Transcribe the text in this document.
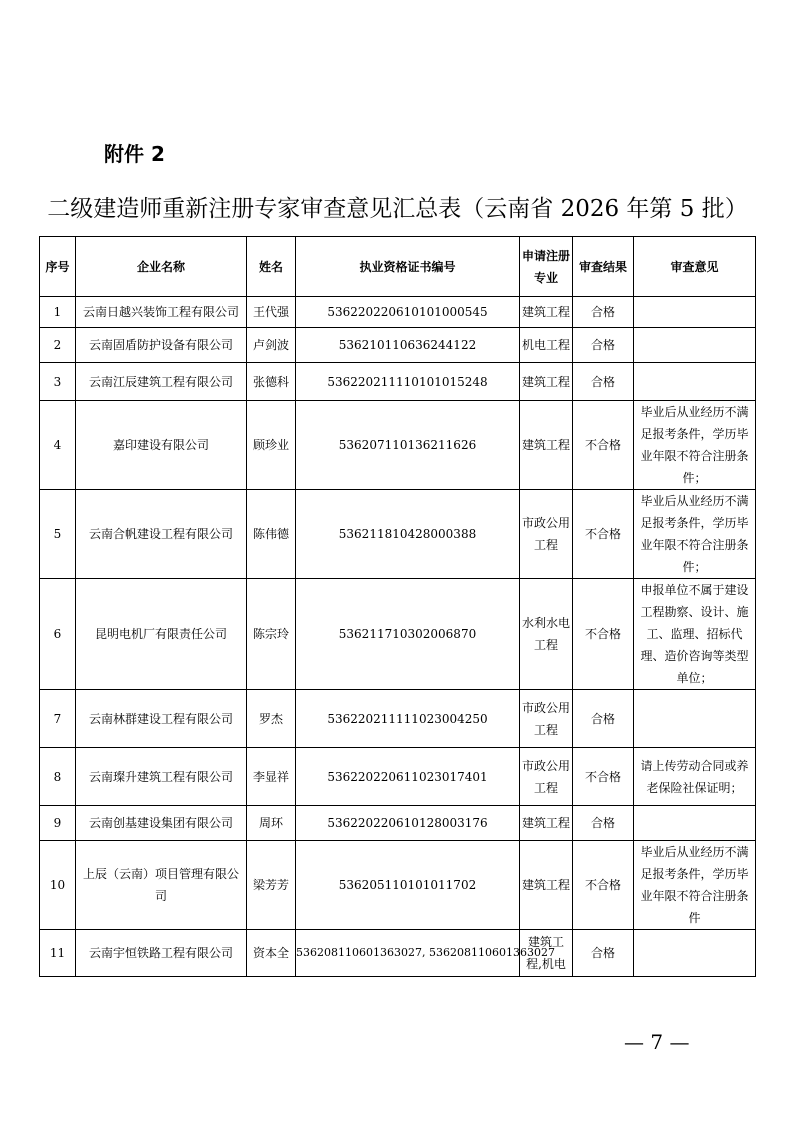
附件 2
二级建造师重新注册专家审查意见汇总表（云南省 2026 年第 5 批）
序号	企业名称	姓名	执业资格证书编号	申请注册专业	审查结果	审查意见
1	云南日越兴装饰工程有限公司	王代强	536220220610101000545	建筑工程	合格	
2	云南固盾防护设备有限公司	卢剑波	536210110636244122	机电工程	合格	
3	云南江辰建筑工程有限公司	张德科	536220211110101015248	建筑工程	合格	
4	嘉印建设有限公司	顾珍业	536207110136211626	建筑工程	不合格	毕业后从业经历不满足报考条件，学历毕业年限不符合注册条件；
5	云南合帆建设工程有限公司	陈伟德	536211810428000388	市政公用工程	不合格	毕业后从业经历不满足报考条件，学历毕业年限不符合注册条件；
6	昆明电机厂有限责任公司	陈宗玲	536211710302006870	水利水电工程	不合格	申报单位不属于建设工程勘察、设计、施工、监理、招标代理、造价咨询等类型单位；
7	云南林群建设工程有限公司	罗杰	536220211111023004250	市政公用工程	合格	
8	云南璨升建筑工程有限公司	李显祥	536220220611023017401	市政公用工程	不合格	请上传劳动合同或养老保险社保证明；
9	云南创基建设集团有限公司	周环	536220220610128003176	建筑工程	合格	
10	上辰（云南）项目管理有限公司	梁芳芳	536205110101011702	建筑工程	不合格	毕业后从业经历不满足报考条件，学历毕业年限不符合注册条件
11	云南宇恒铁路工程有限公司	资本全	536208110601363027, 536208110601363027	建筑工程,机电	合格	
— 7 —
